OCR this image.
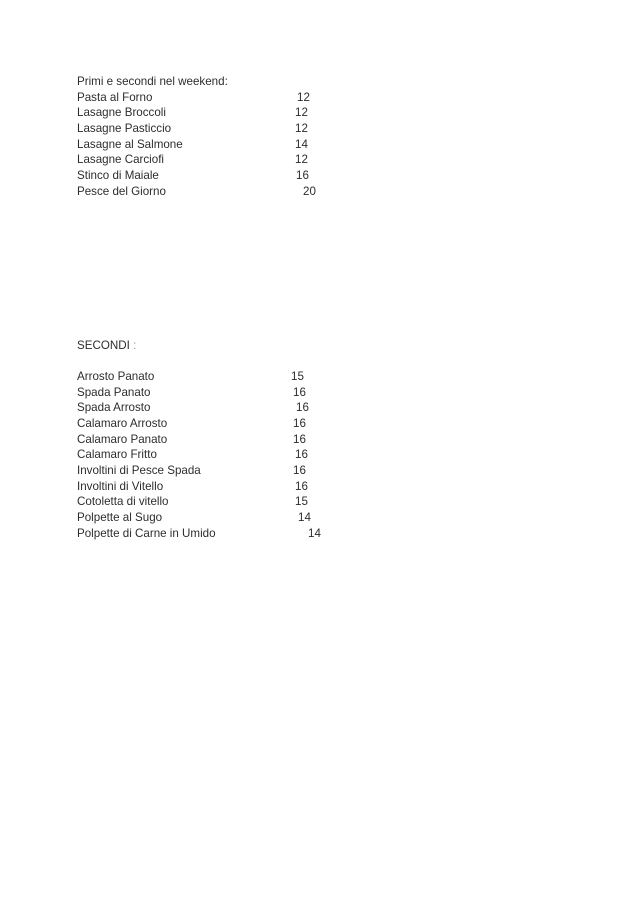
Primi e secondi nel weekend:
Pasta al Forno	12
Lasagne Broccoli	12
Lasagne Pasticcio	12
Lasagne al Salmone	14
Lasagne Carciofi	12
Stinco di Maiale	16
Pesce del Giorno	20
SECONDI :
Arrosto Panato	15
Spada Panato	16
Spada Arrosto	16
Calamaro Arrosto	16
Calamaro Panato	16
Calamaro Fritto	16
Involtini di Pesce Spada	16
Involtini di Vitello	16
Cotoletta di vitello	15
Polpette al Sugo	14
Polpette di Carne in Umido	14
